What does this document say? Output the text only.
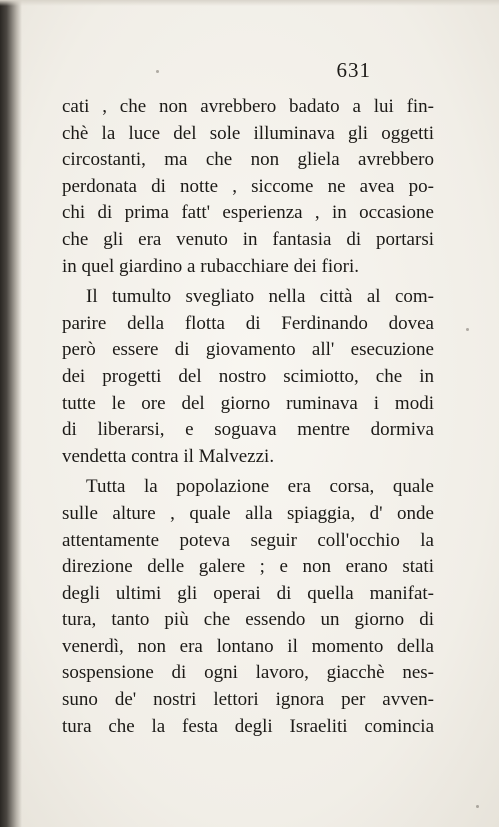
631
cati , che non avrebbero badato a lui fin-
chè la luce del sole illuminava gli oggetti
circostanti, ma che non gliela avrebbero
perdonata di notte , siccome ne avea po-
chi di prima fatt' esperienza , in occasione
che gli era venuto in fantasia di portarsi
in quel giardino a rubacchiare dei fiori.
Il tumulto svegliato nella città al com-
parire della flotta di Ferdinando dovea
però essere di giovamento all' esecuzione
dei progetti del nostro scimiotto, che in
tutte le ore del giorno ruminava i modi
di liberarsi, e soguava mentre dormiva
vendetta contra il Malvezzi.
Tutta la popolazione era corsa, quale
sulle alture , quale alla spiaggia, d' onde
attentamente poteva seguir coll'occhio la
direzione delle galere ; e non erano stati
degli ultimi gli operai di quella manifat-
tura, tanto più che essendo un giorno di
venerdì, non era lontano il momento della
sospensione di ogni lavoro, giacchè nes-
suno de' nostri lettori ignora per avven-
tura che la festa degli Israeliti comincia
